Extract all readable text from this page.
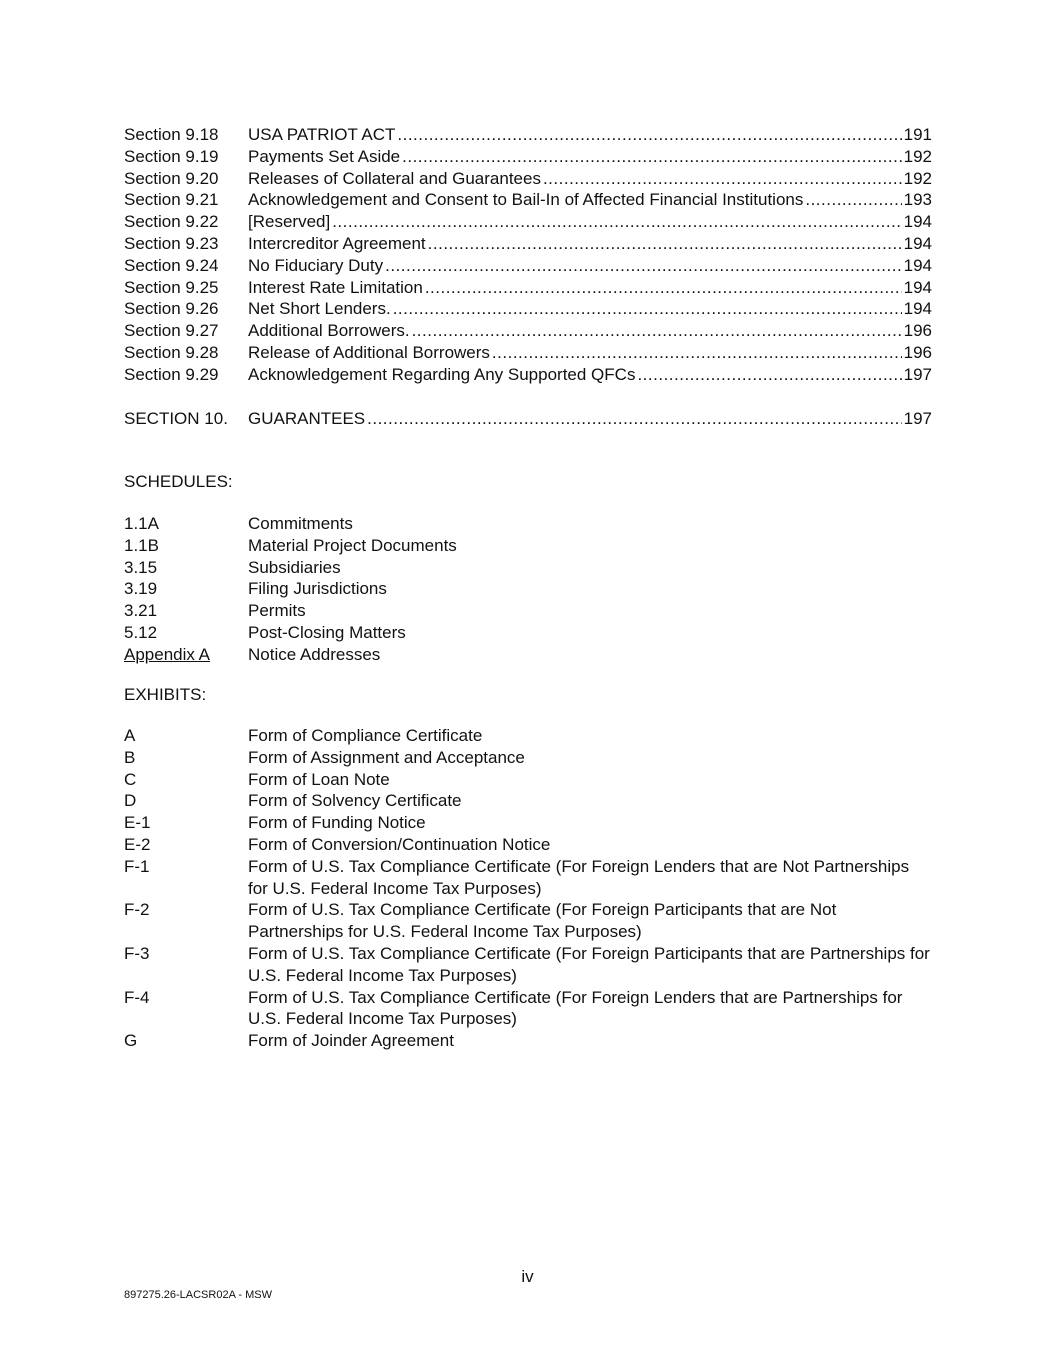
Section 9.18	USA PATRIOT ACT .....	191
Section 9.19	Payments Set Aside .....	192
Section 9.20	Releases of Collateral and Guarantees .....	192
Section 9.21	Acknowledgement and Consent to Bail-In of Affected Financial Institutions .....	193
Section 9.22	[Reserved] .....	194
Section 9.23	Intercreditor Agreement .....	194
Section 9.24	No Fiduciary Duty .....	194
Section 9.25	Interest Rate Limitation .....	194
Section 9.26	Net Short Lenders. .....	194
Section 9.27	Additional Borrowers. .....	196
Section 9.28	Release of Additional Borrowers .....	196
Section 9.29	Acknowledgement Regarding Any Supported QFCs .....	197
SECTION 10.	GUARANTEES .....	197
SCHEDULES:
1.1A	Commitments
1.1B	Material Project Documents
3.15	Subsidiaries
3.19	Filing Jurisdictions
3.21	Permits
5.12	Post-Closing Matters
Appendix A	Notice Addresses
EXHIBITS:
A	Form of Compliance Certificate
B	Form of Assignment and Acceptance
C	Form of Loan Note
D	Form of Solvency Certificate
E-1	Form of Funding Notice
E-2	Form of Conversion/Continuation Notice
F-1	Form of U.S. Tax Compliance Certificate (For Foreign Lenders that are Not Partnerships for U.S. Federal Income Tax Purposes)
F-2	Form of U.S. Tax Compliance Certificate (For Foreign Participants that are Not Partnerships for U.S. Federal Income Tax Purposes)
F-3	Form of U.S. Tax Compliance Certificate (For Foreign Participants that are Partnerships for U.S. Federal Income Tax Purposes)
F-4	Form of U.S. Tax Compliance Certificate (For Foreign Lenders that are Partnerships for U.S. Federal Income Tax Purposes)
G	Form of Joinder Agreement
iv
897275.26-LACSR02A - MSW
